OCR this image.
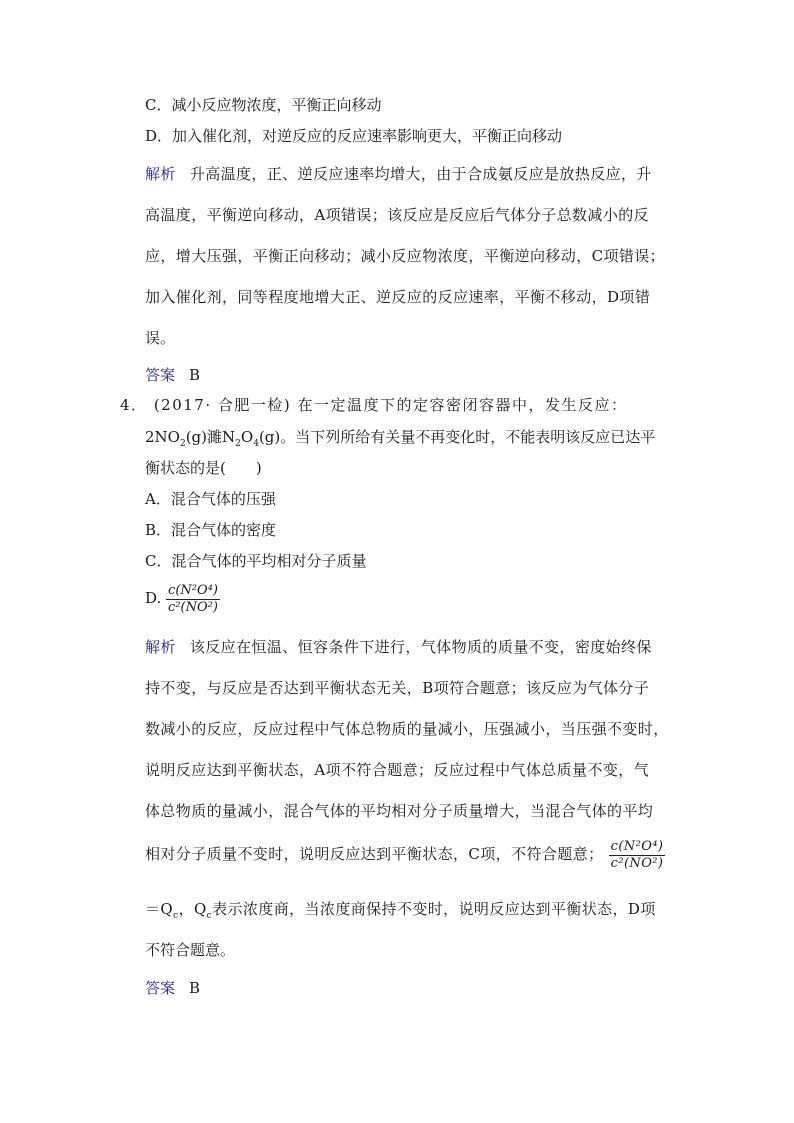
C．减小反应物浓度，平衡正向移动
D．加入催化剂，对逆反应的反应速率影响更大，平衡正向移动
解析 升高温度，正、逆反应速率均增大，由于合成氨反应是放热反应，升
高温度，平衡逆向移动，A项错误；该反应是反应后气体分子总数减小的反
应，增大压强，平衡正向移动；减小反应物浓度，平衡逆向移动，C项错误；
加入催化剂，同等程度地增大正、逆反应的反应速率，平衡不移动，D项错
误。
答案 B
4． (2017· 合肥一检) 在一定温度下的定容密闭容器中，发生反应：
$2NO_2(g)$濉$N_2O_4(g)$。当下列所给有关量不再变化时，不能表明该反应已达平
衡状态的是(　　)
A．混合气体的压强
B．混合气体的密度
C．混合气体的平均相对分子质量
D. $\frac{\text{c(N²O⁴)}}{\text{c²(NO²)}}$
解析 该反应在恒温、恒容条件下进行，气体物质的质量不变，密度始终保
持不变，与反应是否达到平衡状态无关，B项符合题意；该反应为气体分子
数减小的反应，反应过程中气体总物质的量减小，压强减小，当压强不变时，
说明反应达到平衡状态，A项不符合题意；反应过程中气体总质量不变，气
体总物质的量减小，混合气体的平均相对分子质量增大，当混合气体的平均
相对分子质量不变时，说明反应达到平衡状态，C项，不符合题意； $\frac{\text{c(N²O⁴)}}{\text{c²(NO²)}}$
$=Q_c$，$Q_c$表示浓度商，当浓度商保持不变时，说明反应达到平衡状态，D项
不符合题意。
答案 B
